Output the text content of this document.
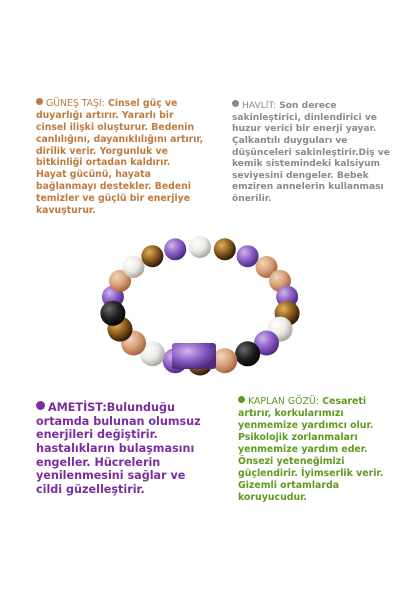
GÜNEŞ TAŞI: Cinsel güç ve duyarlığı artırır. Yararlı bir cinsel ilişki oluşturur. Bedenin canlılığını, dayanıklılığını artırır, dirilik verir. Yorgunluk ve bitkinliği ortadan kaldırır. Hayat gücünü, hayata bağlanmayı destekler. Bedeni temizler ve güçlü bir enerjiye kavuşturur.
HAVLİT: Son derece sakinleştirici, dinlendirici ve huzur verici bir enerji yayar. Çalkantılı duyguları ve düşünceleri sakinleştirir.Diş ve kemik sistemindeki kalsiyum seviyesini dengeler. Bebek emziren annelerin kullanması önerilir.
AMETİST:Bulunduğu ortamda bulunan olumsuz enerjileri değiştirir. hastalıkların bulaşmasını engeller. Hücrelerin yenilenmesini sağlar ve cildi güzelleştirir.
KAPLAN GÖZÜ: Cesareti artırır, korkularımızı yenmemize yardımcı olur. Psikolojik zorlanmaları yenmemize yardım eder. Önsezi yeteneğimizi güçlendirir. İyimserlik verir. Gizemli ortamlarda koruyucudur.
